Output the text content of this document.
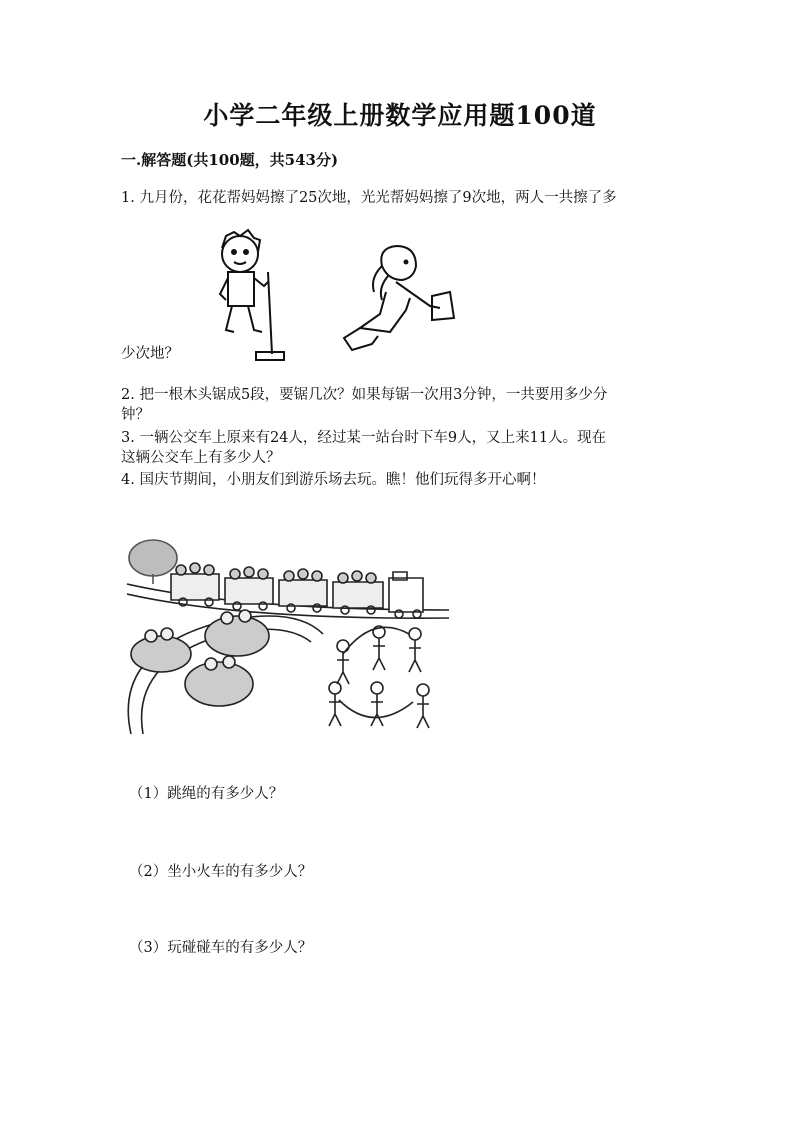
小学二年级上册数学应用题100道
一.解答题(共100题，共543分)
1. 九月份，花花帮妈妈擦了25次地，光光帮妈妈擦了9次地，两人一共擦了多
少次地？
2. 把一根木头锯成5段，要锯几次？如果每锯一次用3分钟，一共要用多少分
钟？
3. 一辆公交车上原来有24人，经过某一站台时下车9人，又上来11人。现在
这辆公交车上有多少人？
4. 国庆节期间，小朋友们到游乐场去玩。瞧！他们玩得多开心啊！
（1）跳绳的有多少人？
（2）坐小火车的有多少人？
（3）玩碰碰车的有多少人？
